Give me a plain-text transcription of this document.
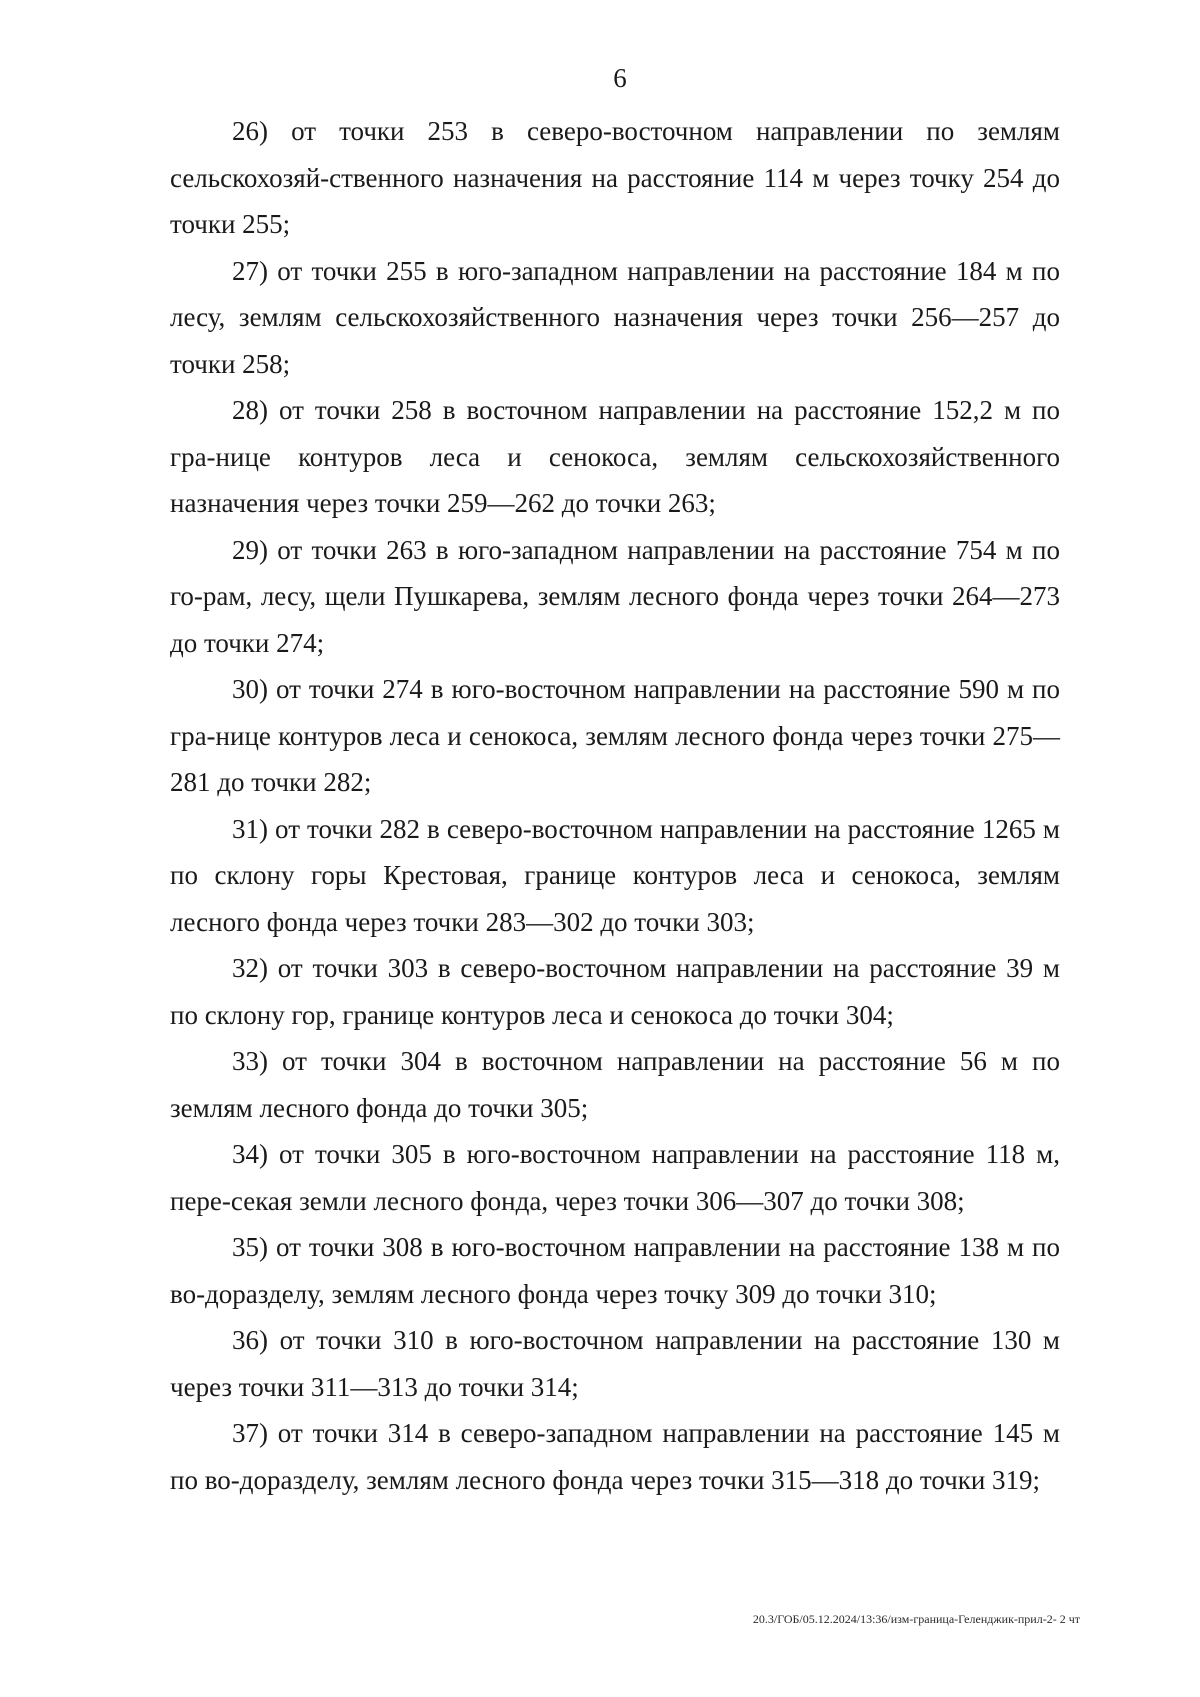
6

26) от точки 253 в северо-восточном направлении по землям сельскохозяй-ственного назначения на расстояние 114 м через точку 254 до точки 255;

27) от точки 255 в юго-западном направлении на расстояние 184 м по лесу, землям сельскохозяйственного назначения через точки 256—257 до точки 258;

28) от точки 258 в восточном направлении на расстояние 152,2 м по гра-нице контуров леса и сенокоса, землям сельскохозяйственного назначения через точки 259—262 до точки 263;

29) от точки 263 в юго-западном направлении на расстояние 754 м по го-рам, лесу, щели Пушкарева, землям лесного фонда через точки 264—273 до точки 274;

30) от точки 274 в юго-восточном направлении на расстояние 590 м по гра-нице контуров леса и сенокоса, землям лесного фонда через точки 275—281 до точки 282;

31) от точки 282 в северо-восточном направлении на расстояние 1265 м по склону горы Крестовая, границе контуров леса и сенокоса, землям лесного фонда через точки 283—302 до точки 303;

32) от точки 303 в северо-восточном направлении на расстояние 39 м по склону гор, границе контуров леса и сенокоса до точки 304;

33) от точки 304 в восточном направлении на расстояние 56 м по землям лесного фонда до точки 305;

34) от точки 305 в юго-восточном направлении на расстояние 118 м, пере-секая земли лесного фонда, через точки 306—307 до точки 308;

35) от точки 308 в юго-восточном направлении на расстояние 138 м по во-доразделу, землям лесного фонда через точку 309 до точки 310;

36) от точки 310 в юго-восточном направлении на расстояние 130 м через точки 311—313 до точки 314;

37) от точки 314 в северо-западном направлении на расстояние 145 м по во-доразделу, землям лесного фонда через точки 315—318 до точки 319;

20.3/ГОБ/05.12.2024/13:36/изм-граница-Геленджик-прил-2- 2 чт
